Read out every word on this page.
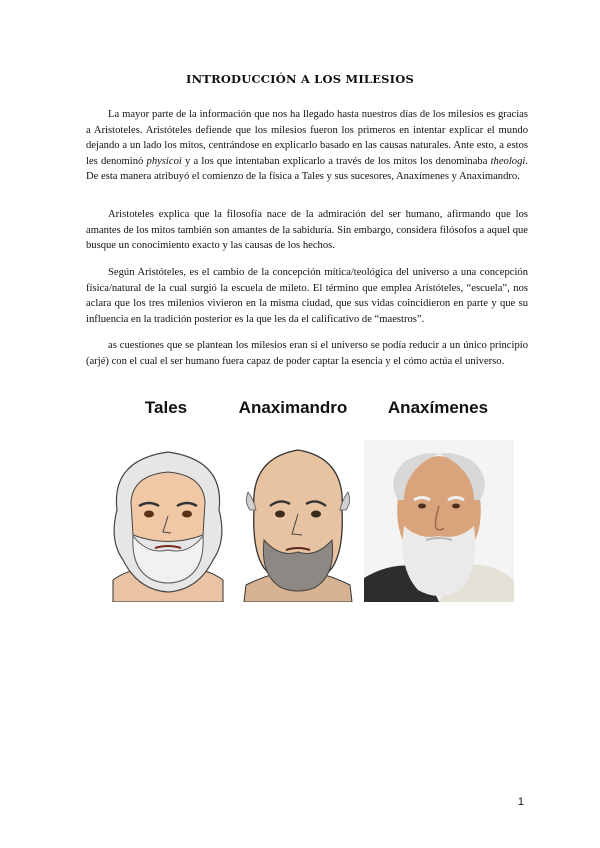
INTRODUCCIÓN A LOS MILESIOS

La mayor parte de la información que nos ha llegado hasta nuestros días de los milesios es gracias a Aristoteles. Aristóteles defiende que los milesios fueron los primeros en intentar explicar el mundo dejando a un lado los mitos, centrándose en explicarlo basado en las causas naturales. Ante esto, a estos les denominó physicoi y a los que intentaban explicarlo a través de los mitos los denominaba theologi. De esta manera atribuyó el comienzo de la física a Tales y sus sucesores, Anaxímenes y Anaximandro.

Aristoteles explica que la filosofía nace de la admiración del ser humano, afirmando que los amantes de los mitos también son amantes de la sabiduría. Sin embargo, considera filósofos a aquel que busque un conocimiento exacto y las causas de los hechos.

Según Aristóteles, es el cambio de la concepción mítica/teológica del universo a una concepción física/natural de la cual surgió la escuela de mileto. El término que emplea Aristóteles, “escuela”, nos aclara que los tres milenios vivieron en la misma ciudad, que sus vidas coincidieron en parte y que su influencia en la tradición posterior es la que les da el calificativo de “maestros”.

as cuestiones que se plantean los milesios eran si el universo se podía reducir a un único principio (arjé) con el cual el ser humano fuera capaz de poder captar la esencia y el cómo actúa el universo.

Tales	Anaximandro	Anaxímenes
1
